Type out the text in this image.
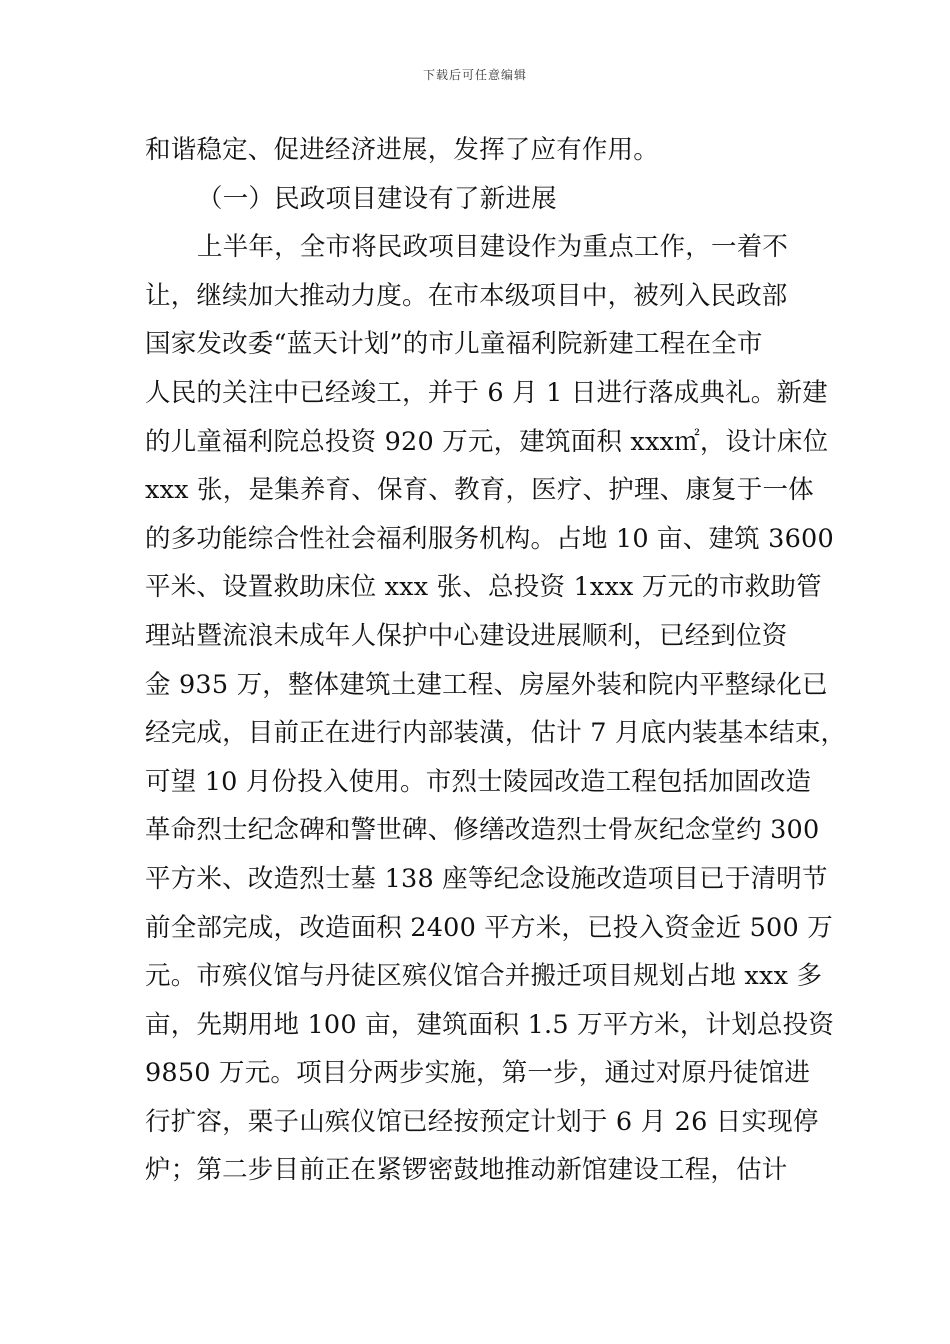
下载后可任意编辑
和谐稳定、促进经济进展，发挥了应有作用。
（一）民政项目建设有了新进展
上半年，全市将民政项目建设作为重点工作，一着不
让，继续加大推动力度。在市本级项目中，被列入民政部
国家发改委“蓝天计划”的市儿童福利院新建工程在全市
人民的关注中已经竣工，并于 6 月 1 日进行落成典礼。新建
的儿童福利院总投资 920 万元，建筑面积 xxx㎡，设计床位
xxx 张，是集养育、保育、教育，医疗、护理、康复于一体
的多功能综合性社会福利服务机构。占地 10 亩、建筑 3600
平米、设置救助床位 xxx 张、总投资 1xxx 万元的市救助管
理站暨流浪未成年人保护中心建设进展顺利，已经到位资
金 935 万，整体建筑土建工程、房屋外装和院内平整绿化已
经完成，目前正在进行内部装潢，估计 7 月底内装基本结束，
可望 10 月份投入使用。市烈士陵园改造工程包括加固改造
革命烈士纪念碑和警世碑、修缮改造烈士骨灰纪念堂约 300
平方米、改造烈士墓 138 座等纪念设施改造项目已于清明节
前全部完成，改造面积 2400 平方米，已投入资金近 500 万
元。市殡仪馆与丹徒区殡仪馆合并搬迁项目规划占地 xxx 多
亩，先期用地 100 亩，建筑面积 1.5 万平方米，计划总投资
9850 万元。项目分两步实施，第一步，通过对原丹徒馆进
行扩容，栗子山殡仪馆已经按预定计划于 6 月 26 日实现停
炉；第二步目前正在紧锣密鼓地推动新馆建设工程，估计
